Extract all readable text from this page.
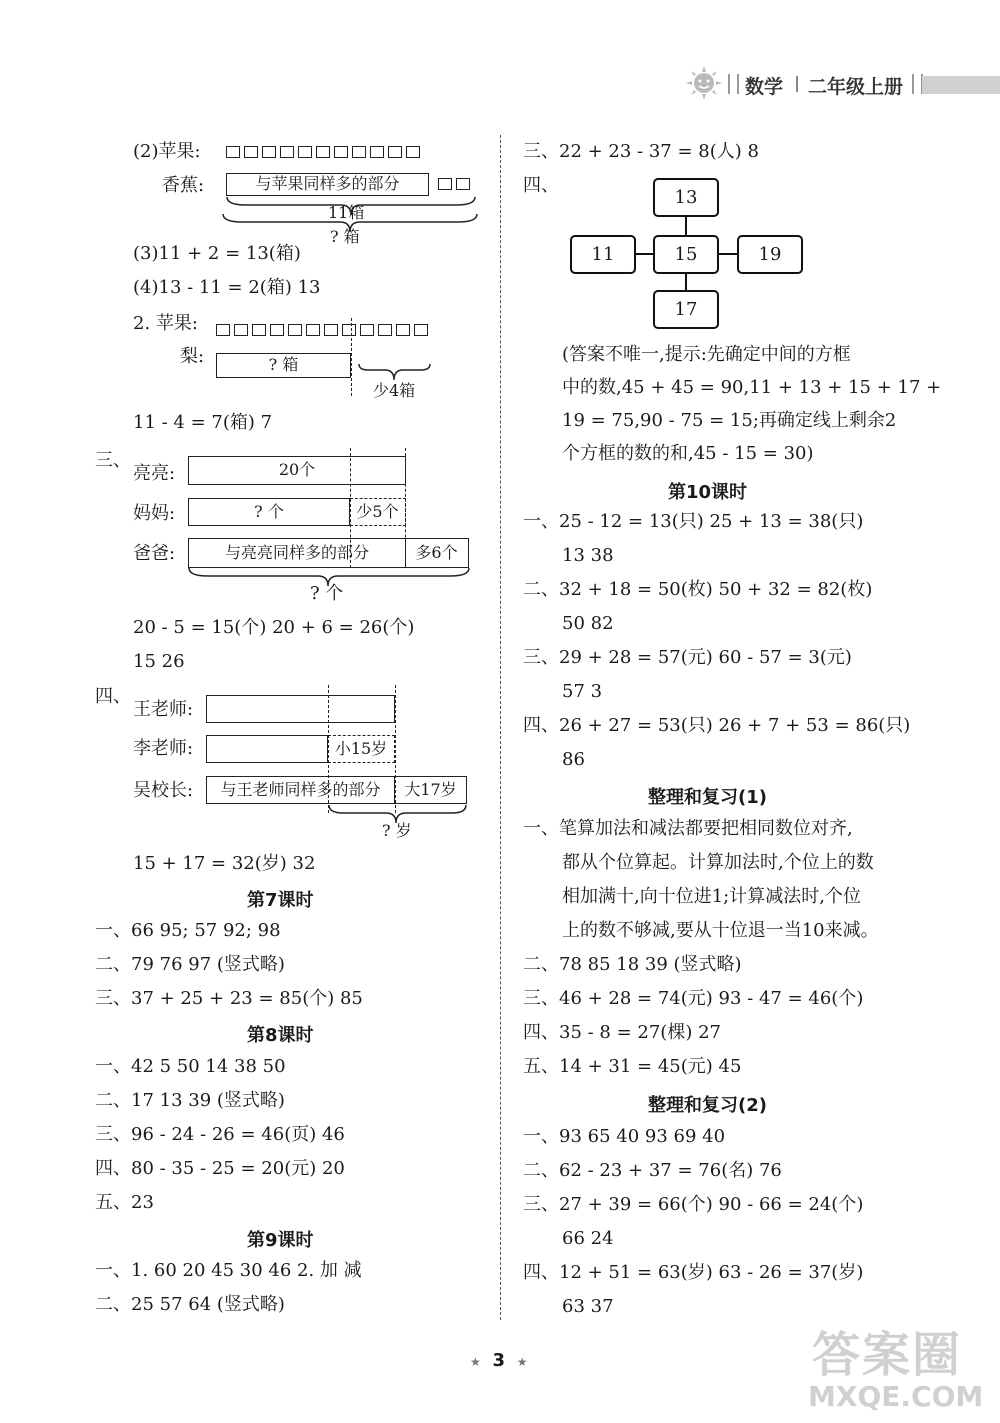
数学 二年级上册
(2)苹果:
香蕉:	与苹果同样多的部分
11箱
? 箱
(3)11 + 2 = 13(箱)
(4)13 - 11 = 2(箱) 13
2. 苹果:
梨:	? 箱
少4箱
11 - 4 = 7(箱) 7
三、
亮亮:	20个
妈妈:	? 个	少5个
爸爸:	与亮亮同样多的部分	多6个
? 个
20 - 5 = 15(个) 20 + 6 = 26(个)
15 26
四、
王老师:
李老师:	小15岁
吴校长:	与王老师同样多的部分	大17岁
? 岁
15 + 17 = 32(岁) 32
第7课时
一、66 95; 57 92; 98
二、79 76 97 (竖式略)
三、37 + 25 + 23 = 85(个) 85
第8课时
一、42 5 50 14 38 50
二、17 13 39 (竖式略)
三、96 - 24 - 26 = 46(页) 46
四、80 - 35 - 25 = 20(元) 20
五、23
第9课时
一、1. 60 20 45 30 46 2. 加 减
二、25 57 64 (竖式略)
三、22 + 23 - 37 = 8(人) 8
四、
13
11	15	19
17
(答案不唯一,提示:先确定中间的方框
中的数,45 + 45 = 90,11 + 13 + 15 + 17 +
19 = 75,90 - 75 = 15;再确定线上剩余2
个方框的数的和,45 - 15 = 30)
第10课时
一、25 - 12 = 13(只) 25 + 13 = 38(只)
13 38
二、32 + 18 = 50(枚) 50 + 32 = 82(枚)
50 82
三、29 + 28 = 57(元) 60 - 57 = 3(元)
57 3
四、26 + 27 = 53(只) 26 + 7 + 53 = 86(只)
86
整理和复习(1)
一、笔算加法和减法都要把相同数位对齐,
都从个位算起。计算加法时,个位上的数
相加满十,向十位进1;计算减法时,个位
上的数不够减,要从十位退一当10来减。
二、78 85 18 39 (竖式略)
三、46 + 28 = 74(元) 93 - 47 = 46(个)
四、35 - 8 = 27(棵) 27
五、14 + 31 = 45(元) 45
整理和复习(2)
一、93 65 40 93 69 40
二、62 - 23 + 37 = 76(名) 76
三、27 + 39 = 66(个) 90 - 66 = 24(个)
66 24
四、12 + 51 = 63(岁) 63 - 26 = 37(岁)
63 37
★ 3 ★	答案圈
MXQE.COM
